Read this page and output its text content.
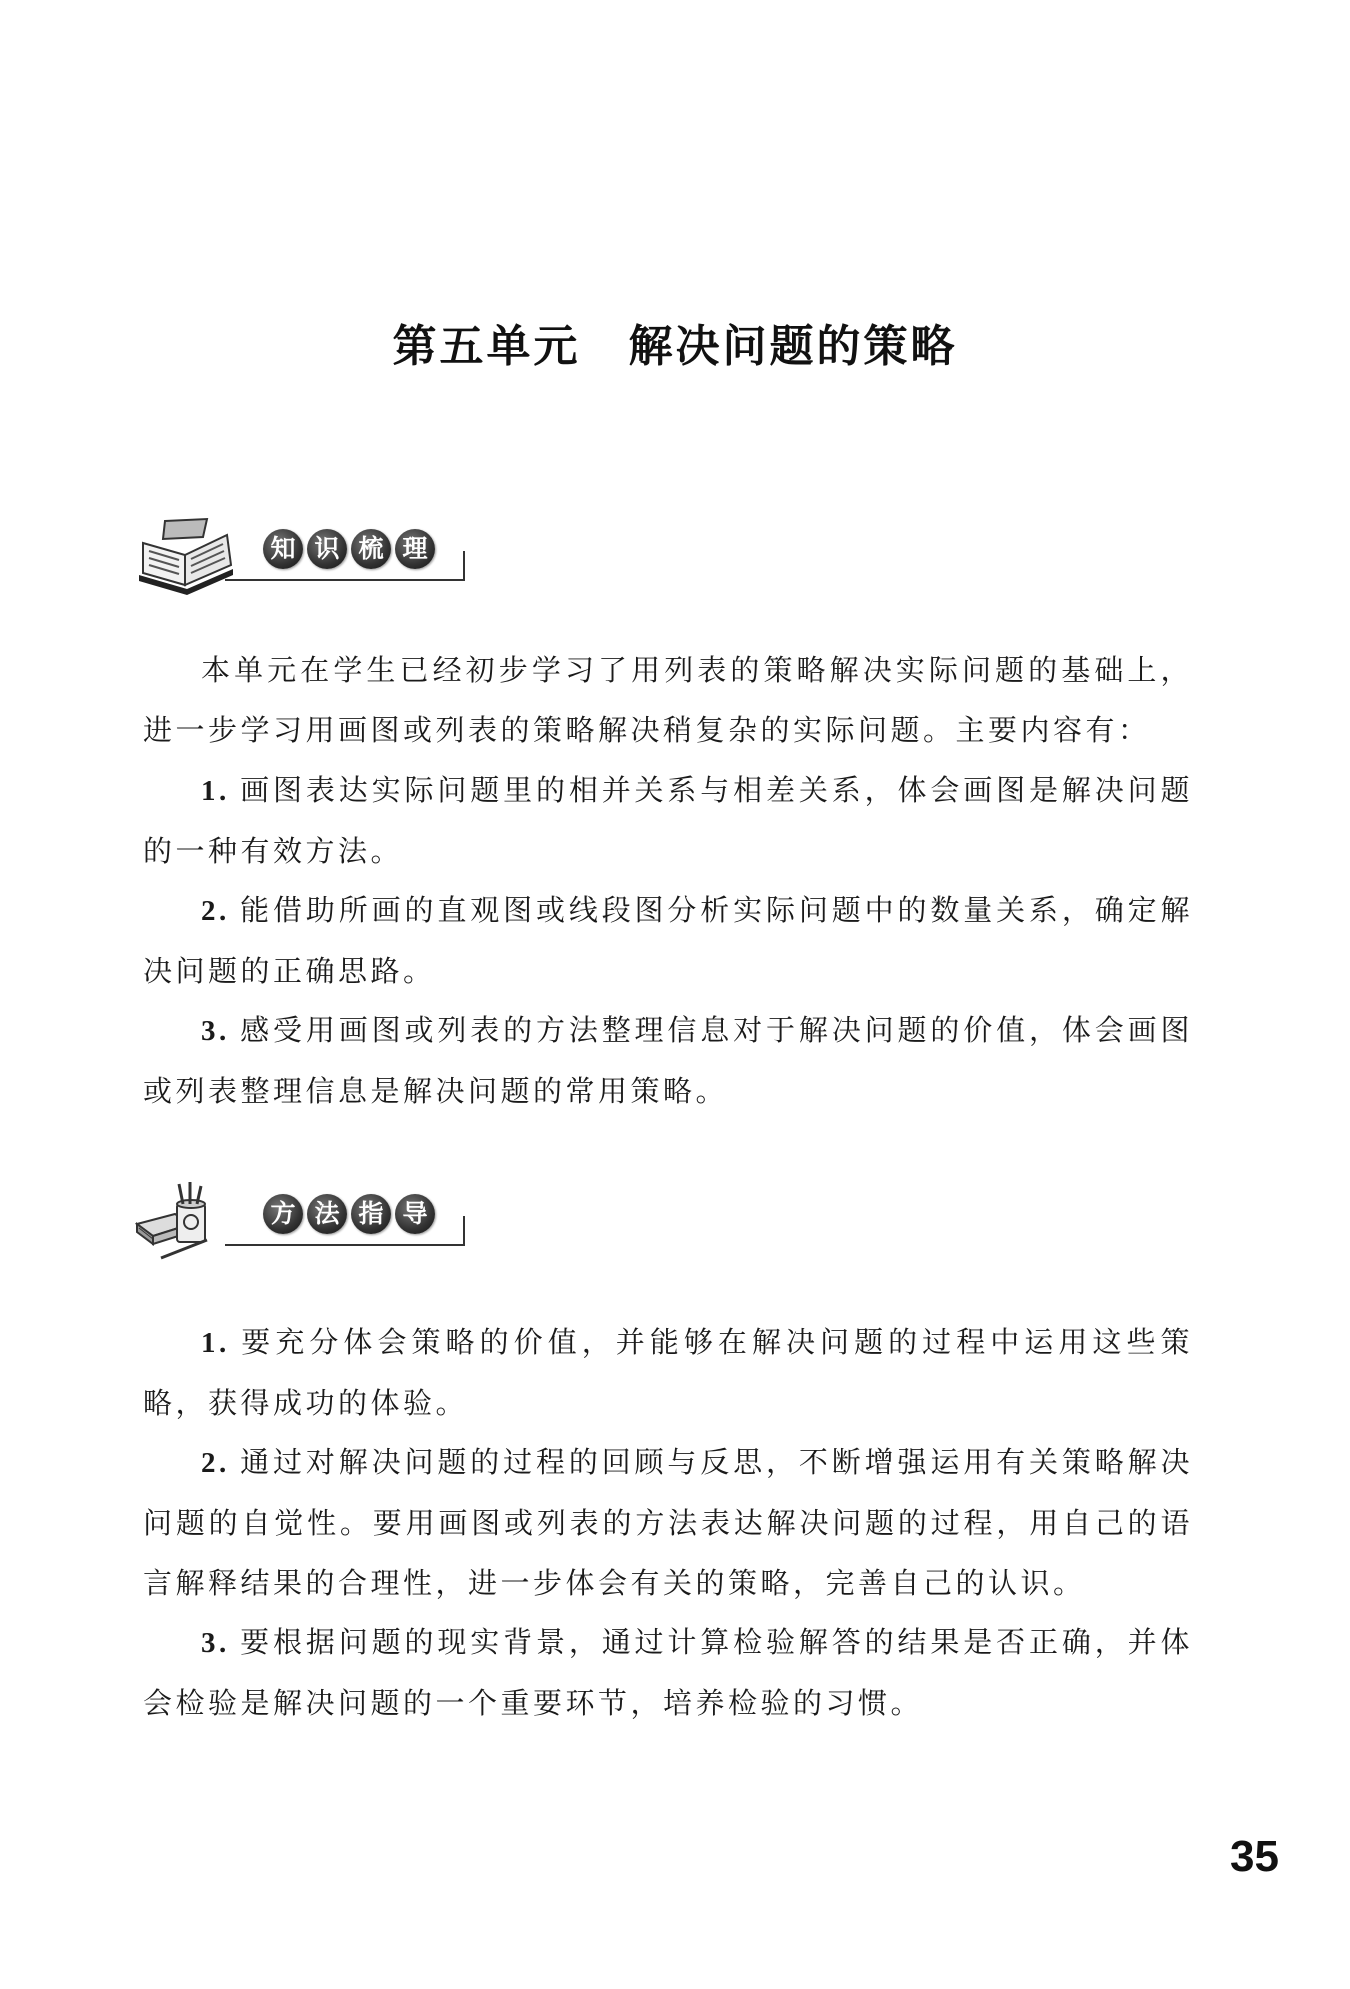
第五单元 解决问题的策略
知 识 梳 理

本单元在学生已经初步学习了用列表的策略解决实际问题的基础上，进一步学习用画图或列表的策略解决稍复杂的实际问题。主要内容有：

1. 画图表达实际问题里的相并关系与相差关系，体会画图是解决问题的一种有效方法。

2. 能借助所画的直观图或线段图分析实际问题中的数量关系，确定解决问题的正确思路。

3. 感受用画图或列表的方法整理信息对于解决问题的价值，体会画图或列表整理信息是解决问题的常用策略。

方 法 指 导

1. 要充分体会策略的价值，并能够在解决问题的过程中运用这些策略，获得成功的体验。

2. 通过对解决问题的过程的回顾与反思，不断增强运用有关策略解决问题的自觉性。要用画图或列表的方法表达解决问题的过程，用自己的语言解释结果的合理性，进一步体会有关的策略，完善自己的认识。

3. 要根据问题的现实背景，通过计算检验解答的结果是否正确，并体会检验是解决问题的一个重要环节，培养检验的习惯。

35
